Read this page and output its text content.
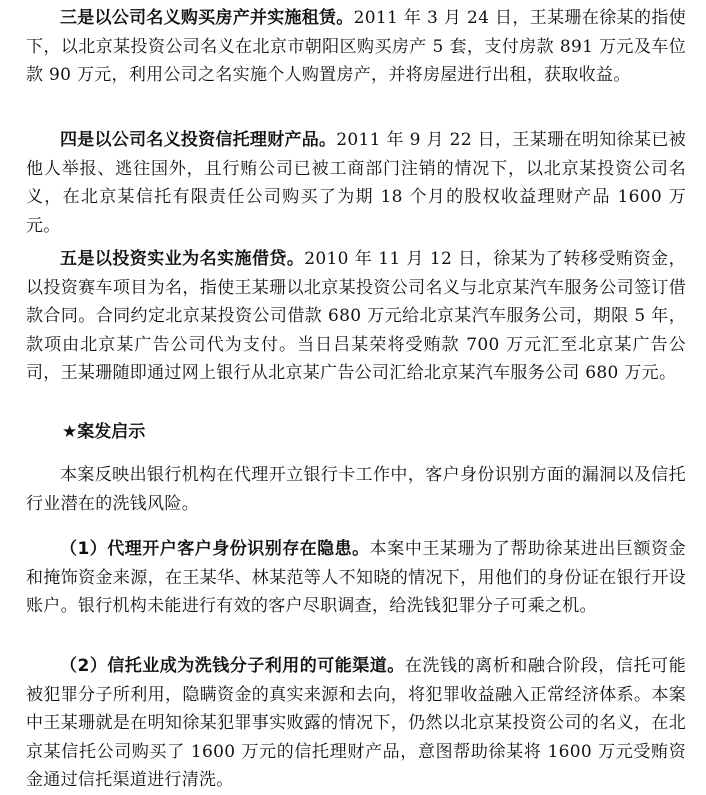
三是以公司名义购买房产并实施租赁。2011 年 3 月 24 日，王某珊在徐某的指使下，以北京某投资公司名义在北京市朝阳区购买房产 5 套，支付房款 891 万元及车位款 90 万元，利用公司之名实施个人购置房产，并将房屋进行出租，获取收益。

四是以公司名义投资信托理财产品。2011 年 9 月 22 日，王某珊在明知徐某已被他人举报、逃往国外，且行贿公司已被工商部门注销的情况下，以北京某投资公司名义，在北京某信托有限责任公司购买了为期 18 个月的股权收益理财产品 1600 万元。

五是以投资实业为名实施借贷。2010 年 11 月 12 日，徐某为了转移受贿资金，以投资赛车项目为名，指使王某珊以北京某投资公司名义与北京某汽车服务公司签订借款合同。合同约定北京某投资公司借款 680 万元给北京某汽车服务公司，期限 5 年，款项由北京某广告公司代为支付。当日吕某荣将受贿款 700 万元汇至北京某广告公司，王某珊随即通过网上银行从北京某广告公司汇给北京某汽车服务公司 680 万元。

★案发启示

本案反映出银行机构在代理开立银行卡工作中，客户身份识别方面的漏洞以及信托行业潜在的洗钱风险。

（1）代理开户客户身份识别存在隐患。本案中王某珊为了帮助徐某进出巨额资金和掩饰资金来源，在王某华、林某范等人不知晓的情况下，用他们的身份证在银行开设账户。银行机构未能进行有效的客户尽职调查，给洗钱犯罪分子可乘之机。

（2）信托业成为洗钱分子利用的可能渠道。在洗钱的离析和融合阶段，信托可能被犯罪分子所利用，隐瞒资金的真实来源和去向，将犯罪收益融入正常经济体系。本案中王某珊就是在明知徐某犯罪事实败露的情况下，仍然以北京某投资公司的名义，在北京某信托公司购买了 1600 万元的信托理财产品，意图帮助徐某将 1600 万元受贿资金通过信托渠道进行清洗。
